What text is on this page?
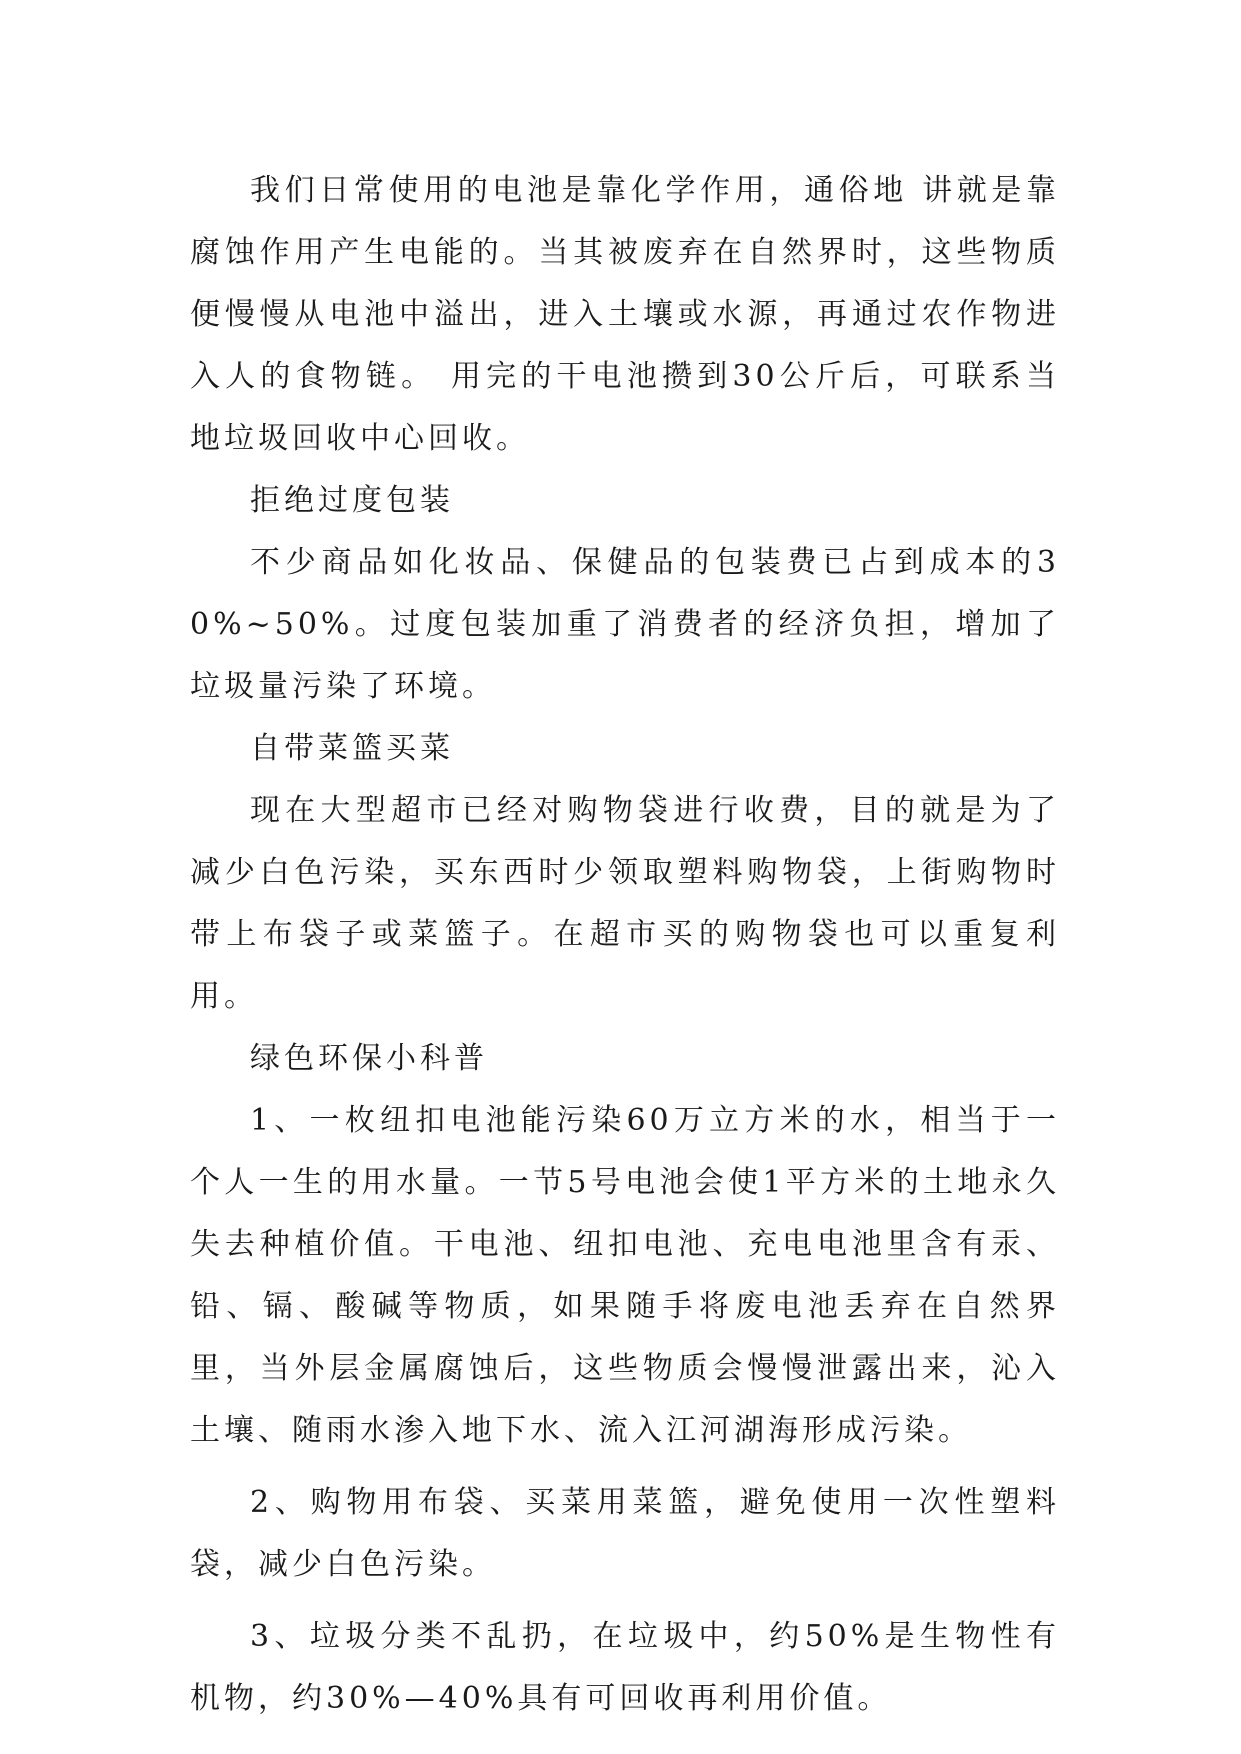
我们日常使用的电池是靠化学作用，通俗地 讲就是靠腐蚀作用产生电能的。当其被废弃在自然界时，这些物质便慢慢从电池中溢出，进入土壤或水源，再通过农作物进入人的食物链。 用完的干电池攒到30公斤后，可联系当地垃圾回收中心回收。

拒绝过度包装

不少商品如化妆品、保健品的包装费已占到成本的30%~50%。过度包装加重了消费者的经济负担，增加了垃圾量污染了环境。

自带菜篮买菜

现在大型超市已经对购物袋进行收费，目的就是为了减少白色污染，买东西时少领取塑料购物袋，上街购物时带上布袋子或菜篮子。在超市买的购物袋也可以重复利用。

绿色环保小科普

1、一枚纽扣电池能污染60万立方米的水，相当于一个人一生的用水量。一节5号电池会使1平方米的土地永久失去种植价值。干电池、纽扣电池、充电电池里含有汞、铅、镉、酸碱等物质，如果随手将废电池丢弃在自然界里，当外层金属腐蚀后，这些物质会慢慢泄露出来，沁入土壤、随雨水渗入地下水、流入江河湖海形成污染。

2、购物用布袋、买菜用菜篮，避免使用一次性塑料袋，减少白色污染。

3、垃圾分类不乱扔，在垃圾中，约50%是生物性有机物，约30%—40%具有可回收再利用价值。
